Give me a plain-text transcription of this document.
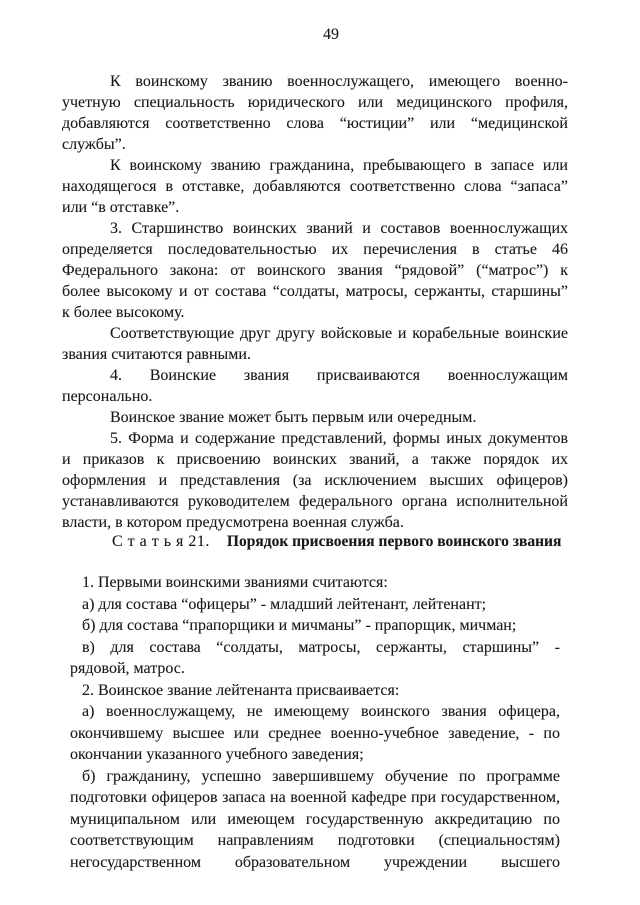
49
К воинскому званию военнослужащего, имеющего военно-
учетную специальность юридического или медицинского профиля,
добавляются соответственно слова “юстиции” или “медицинской
службы”.
К воинскому званию гражданина, пребывающего в запасе или
находящегося в отставке, добавляются соответственно слова “запаса”
или “в отставке”.
3. Старшинство воинских званий и составов военнослужащих
определяется последовательностью их перечисления в статье 46
Федерального закона: от воинского звания “рядовой” (“матрос”) к
более высокому и от состава “солдаты, матросы, сержанты, старшины”
к более высокому.
Соответствующие друг другу войсковые и корабельные воинские
звания считаются равными.
4. Воинские звания присваиваются военнослужащим
персонально.
Воинское звание может быть первым или очередным.
5. Форма и содержание представлений, формы иных документов
и приказов к присвоению воинских званий, а также порядок их
оформления и представления (за исключением высших офицеров)
устанавливаются руководителем федерального органа исполнительной
власти, в котором предусмотрена военная служба.
С т а т ь я 21. Порядок присвоения первого воинского звания
1. Первыми воинскими званиями считаются:
а) для состава “офицеры” - младший лейтенант, лейтенант;
б) для состава “прапорщики и мичманы” - прапорщик, мичман;
в) для состава “солдаты, матросы, сержанты, старшины” -
рядовой, матрос.
2. Воинское звание лейтенанта присваивается:
а) военнослужащему, не имеющему воинского звания офицера,
окончившему высшее или среднее военно-учебное заведение, - по
окончании указанного учебного заведения;
б) гражданину, успешно завершившему обучение по программе
подготовки офицеров запаса на военной кафедре при государственном,
муниципальном или имеющем государственную аккредитацию по
соответствующим направлениям подготовки (специальностям)
негосударственном образовательном учреждении высшего
